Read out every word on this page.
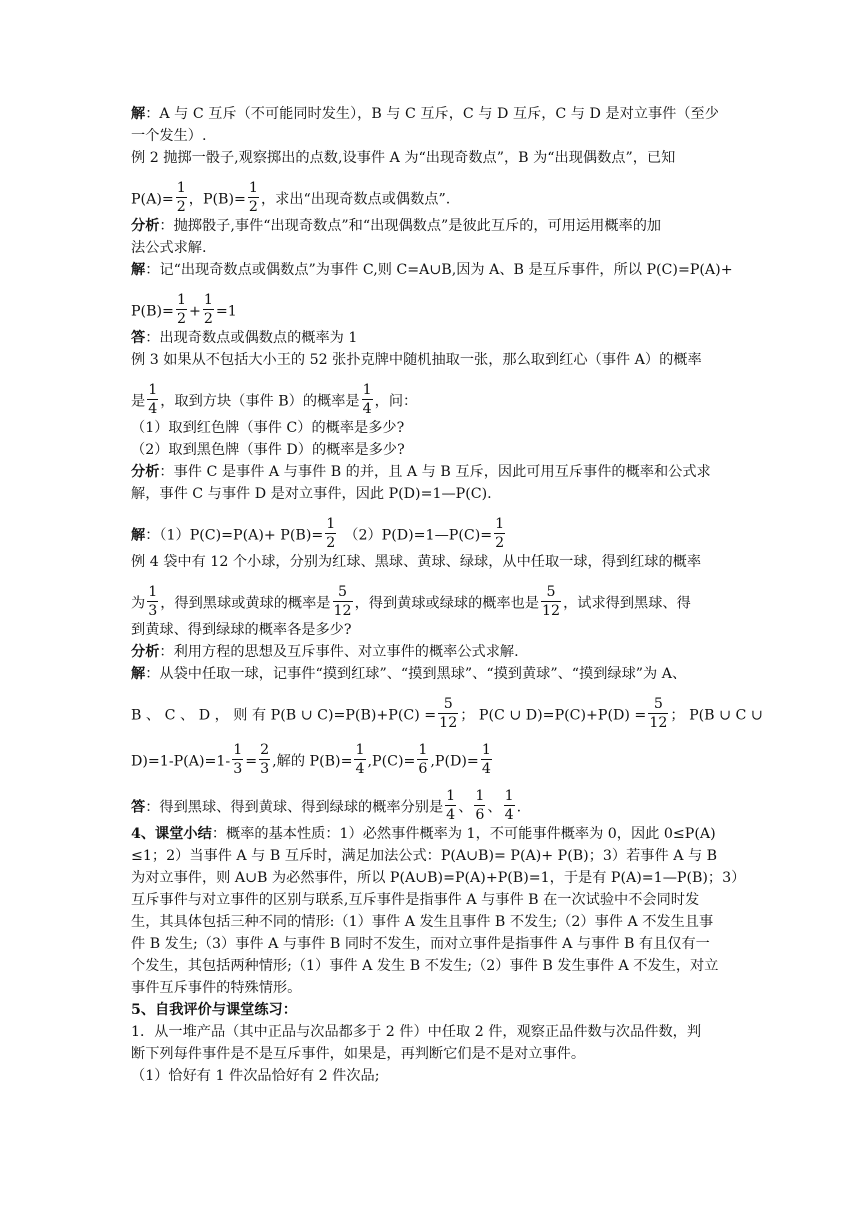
解：A 与 C 互斥（不可能同时发生），B 与 C 互斥，C 与 D 互斥，C 与 D 是对立事件（至少
一个发生）.
例 2 抛掷一骰子,观察掷出的点数,设事件 A 为“出现奇数点”，B 为“出现偶数点”，已知
$P(A)= \frac{1}{2}$ ，$P(B)= \frac{1}{2}$ ，求出“出现奇数点或偶数点”.
分析：抛掷骰子,事件“出现奇数点”和“出现偶数点”是彼此互斥的，可用运用概率的加
法公式求解.
解：记“出现奇数点或偶数点”为事件 C,则 C=A∪B,因为 A、B 是互斥事件，所以 P(C)=P(A)+
$P(B)= \frac{1}{2} + \frac{1}{2} =1$
答：出现奇数点或偶数点的概率为 1
例 3 如果从不包括大小王的 52 张扑克牌中随机抽取一张，那么取到红心（事件 A）的概率
是 $\frac{1}{4}$ ，取到方块（事件 B）的概率是 $\frac{1}{4}$ ，问：
（1）取到红色牌（事件 C）的概率是多少?
（2）取到黑色牌（事件 D）的概率是多少?
分析：事件 C 是事件 A 与事件 B 的并，且 A 与 B 互斥，因此可用互斥事件的概率和公式求
解，事件 C 与事件 D 是对立事件，因此 P(D)=1—P(C).
解：$(1)P(C)=P(A)+ P(B)= \frac{1}{2}$ （2）P(D)=1—P(C)= $\frac{1}{2}$
例 4 袋中有 12 个小球，分别为红球、黑球、黄球、绿球，从中任取一球，得到红球的概率
为 $\frac{1}{3}$ ，得到黑球或黄球的概率是 $\frac{5}{12}$ ，得到黄球或绿球的概率也是 $\frac{5}{12}$ ，试求得到黑球、得
到黄球、得到绿球的概率各是多少?
分析：利用方程的思想及互斥事件、对立事件的概率公式求解.
解：从袋中任取一球，记事件“摸到红球”、“摸到黑球”、“摸到黄球”、“摸到绿球”为 A、
B 、 C 、 D ， 则 有 P(B ∪ $C)=P(B)+P(C) = \frac{5}{12}$ ； P(C ∪ $D)=P(C)+P(D) = \frac{5}{12}$ ； P(B ∪ C ∪
$D)=1-P(A)=1- \frac{1}{3} = \frac{2}{3}$ ,解的 $P(B)= \frac{1}{4} ,P(C)= \frac{1}{6} ,P(D)= \frac{1}{4}$
答：得到黑球、得到黄球、得到绿球的概率分别是 $\frac{1}{4}$ 、 $\frac{1}{6}$ 、 $\frac{1}{4}$ .
4、课堂小结：概率的基本性质：1）必然事件概率为 1，不可能事件概率为 0，因此 0≤P(A)
≤1；2）当事件 A 与 B 互斥时，满足加法公式：P(A∪B)= P(A)+ P(B)；3）若事件 A 与 B
为对立事件，则 A∪B 为必然事件，所以 P(A∪B)=P(A)+P(B)=1，于是有 P(A)=1—P(B)；3）
互斥事件与对立事件的区别与联系,互斥事件是指事件 A 与事件 B 在一次试验中不会同时发
生，其具体包括三种不同的情形:（1）事件 A 发生且事件 B 不发生;（2）事件 A 不发生且事
件 B 发生;（3）事件 A 与事件 B 同时不发生，而对立事件是指事件 A 与事件 B 有且仅有一
个发生，其包括两种情形;（1）事件 A 发生 B 不发生;（2）事件 B 发生事件 A 不发生，对立
事件互斥事件的特殊情形。
5、自我评价与课堂练习：
1．从一堆产品（其中正品与次品都多于 2 件）中任取 2 件，观察正品件数与次品件数，判
断下列每件事件是不是互斥事件，如果是，再判断它们是不是对立事件。
（1）恰好有 1 件次品恰好有 2 件次品;
